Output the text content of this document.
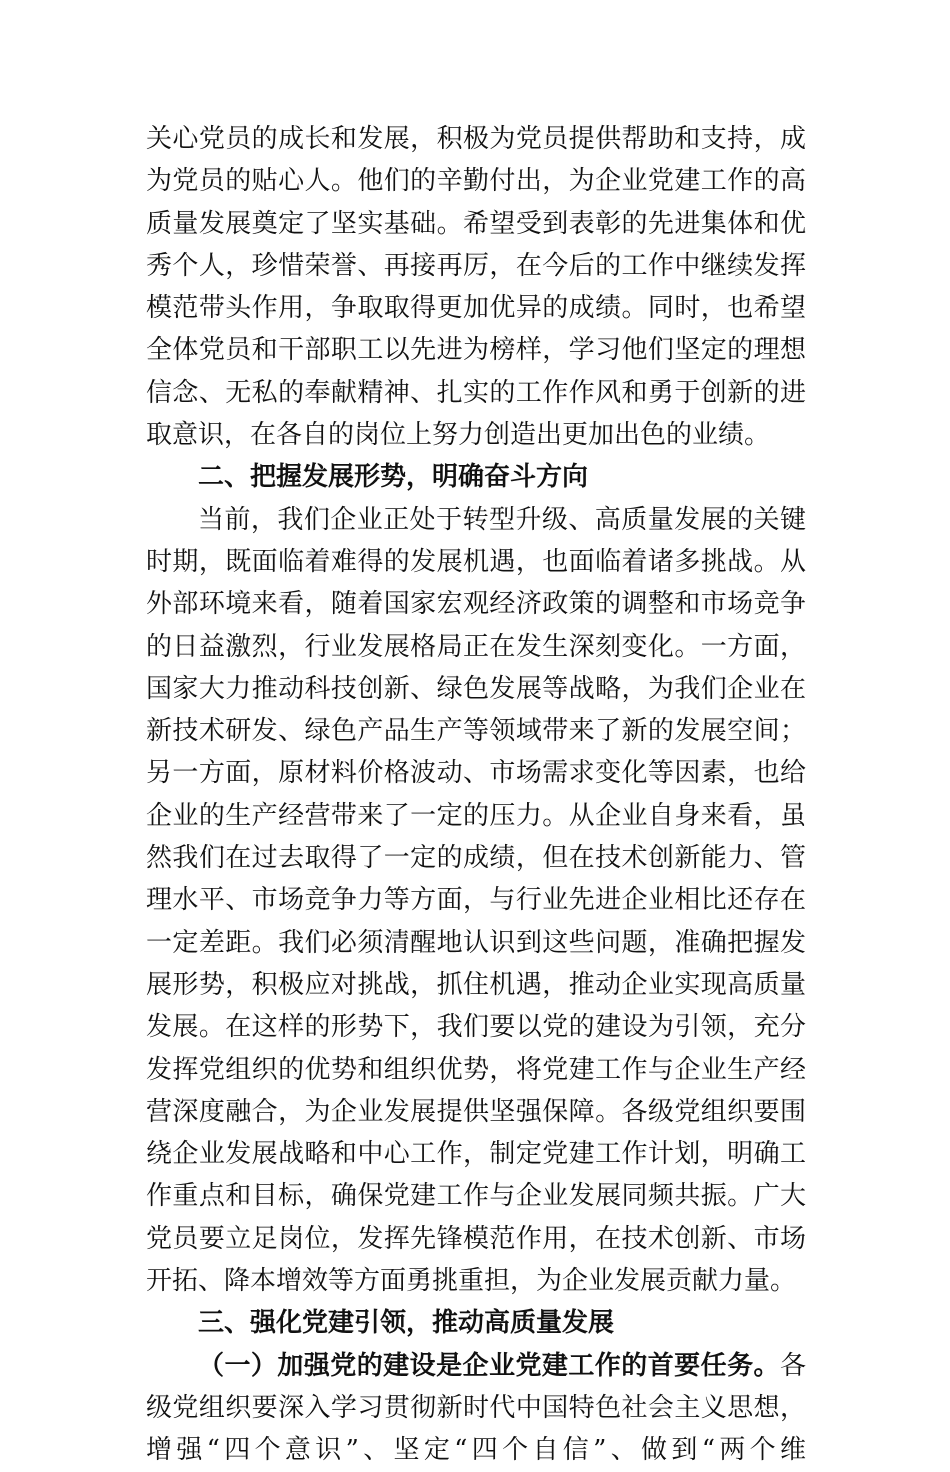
关心党员的成长和发展，积极为党员提供帮助和支持，成
为党员的贴心人。他们的辛勤付出，为企业党建工作的高
质量发展奠定了坚实基础。希望受到表彰的先进集体和优
秀个人，珍惜荣誉、再接再厉，在今后的工作中继续发挥
模范带头作用，争取取得更加优异的成绩。同时，也希望
全体党员和干部职工以先进为榜样，学习他们坚定的理想
信念、无私的奉献精神、扎实的工作作风和勇于创新的进
取意识，在各自的岗位上努力创造出更加出色的业绩。
二、把握发展形势，明确奋斗方向
当前，我们企业正处于转型升级、高质量发展的关键
时期，既面临着难得的发展机遇，也面临着诸多挑战。从
外部环境来看，随着国家宏观经济政策的调整和市场竞争
的日益激烈，行业发展格局正在发生深刻变化。一方面，
国家大力推动科技创新、绿色发展等战略，为我们企业在
新技术研发、绿色产品生产等领域带来了新的发展空间；
另一方面，原材料价格波动、市场需求变化等因素，也给
企业的生产经营带来了一定的压力。从企业自身来看，虽
然我们在过去取得了一定的成绩，但在技术创新能力、管
理水平、市场竞争力等方面，与行业先进企业相比还存在
一定差距。我们必须清醒地认识到这些问题，准确把握发
展形势，积极应对挑战，抓住机遇，推动企业实现高质量
发展。在这样的形势下，我们要以党的建设为引领，充分
发挥党组织的优势和组织优势，将党建工作与企业生产经
营深度融合，为企业发展提供坚强保障。各级党组织要围
绕企业发展战略和中心工作，制定党建工作计划，明确工
作重点和目标，确保党建工作与企业发展同频共振。广大
党员要立足岗位，发挥先锋模范作用，在技术创新、市场
开拓、降本增效等方面勇挑重担，为企业发展贡献力量。
三、强化党建引领，推动高质量发展
（一）加强党的建设是企业党建工作的首要任务。各
级党组织要深入学习贯彻新时代中国特色社会主义思想，
增强“四个意识”、坚定“四个自信”、做到“两个维
